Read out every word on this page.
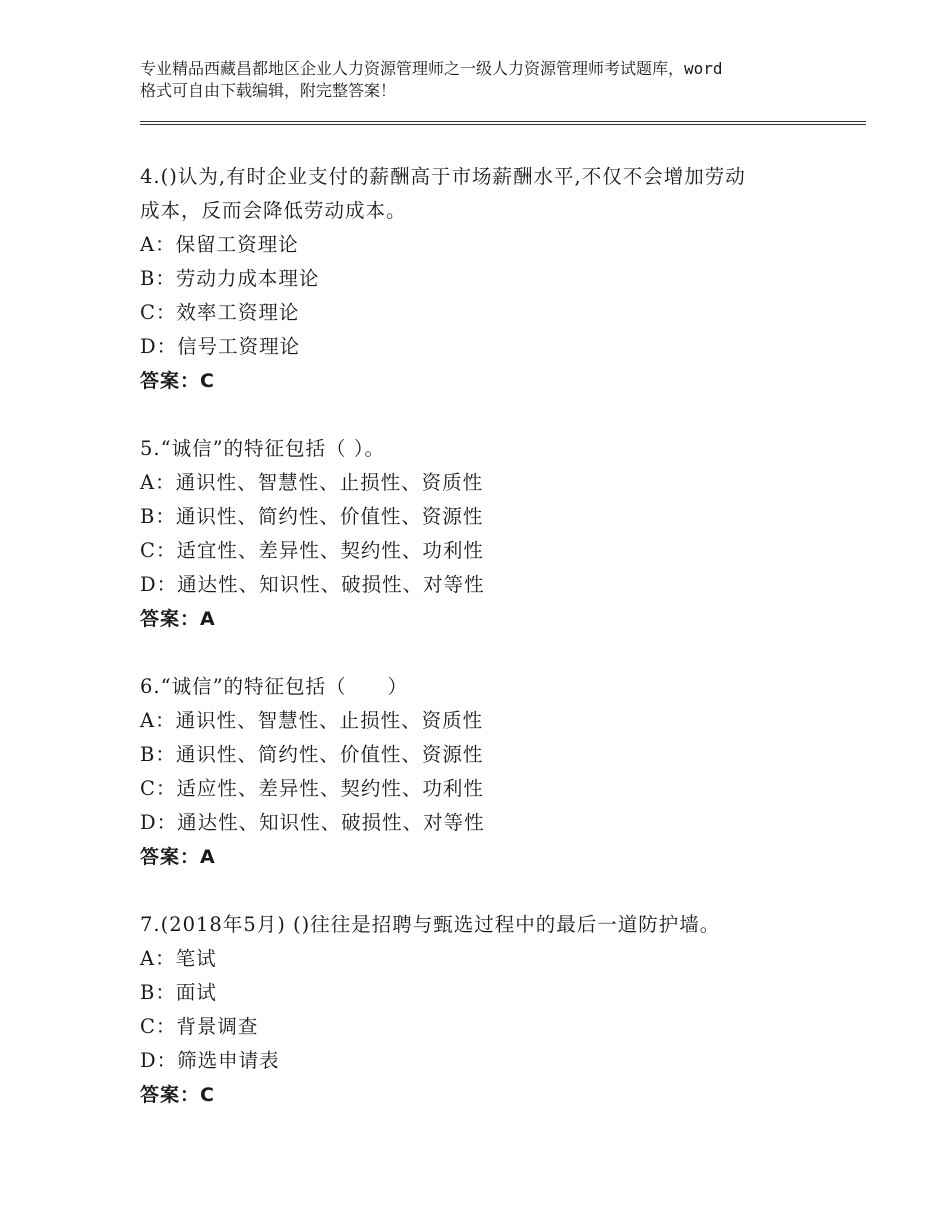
专业精品西藏昌都地区企业人力资源管理师之一级人力资源管理师考试题库，word
格式可自由下载编辑，附完整答案！
4.()认为,有时企业支付的薪酬高于市场薪酬水平,不仅不会增加劳动
成本，反而会降低劳动成本。
A：保留工资理论
B：劳动力成本理论
C：效率工资理论
D：信号工资理论
答案：C
5.“诚信”的特征包括（ ）。
A：通识性、智慧性、止损性、资质性
B：通识性、简约性、价值性、资源性
C：适宜性、差异性、契约性、功利性
D：通达性、知识性、破损性、对等性
答案：A
6.“诚信”的特征包括（　　）
A：通识性、智慧性、止损性、资质性
B：通识性、简约性、价值性、资源性
C：适应性、差异性、契约性、功利性
D：通达性、知识性、破损性、对等性
答案：A
7.(2018年5月) ()往往是招聘与甄选过程中的最后一道防护墙。
A：笔试
B：面试
C：背景调查
D：筛选申请表
答案：C
